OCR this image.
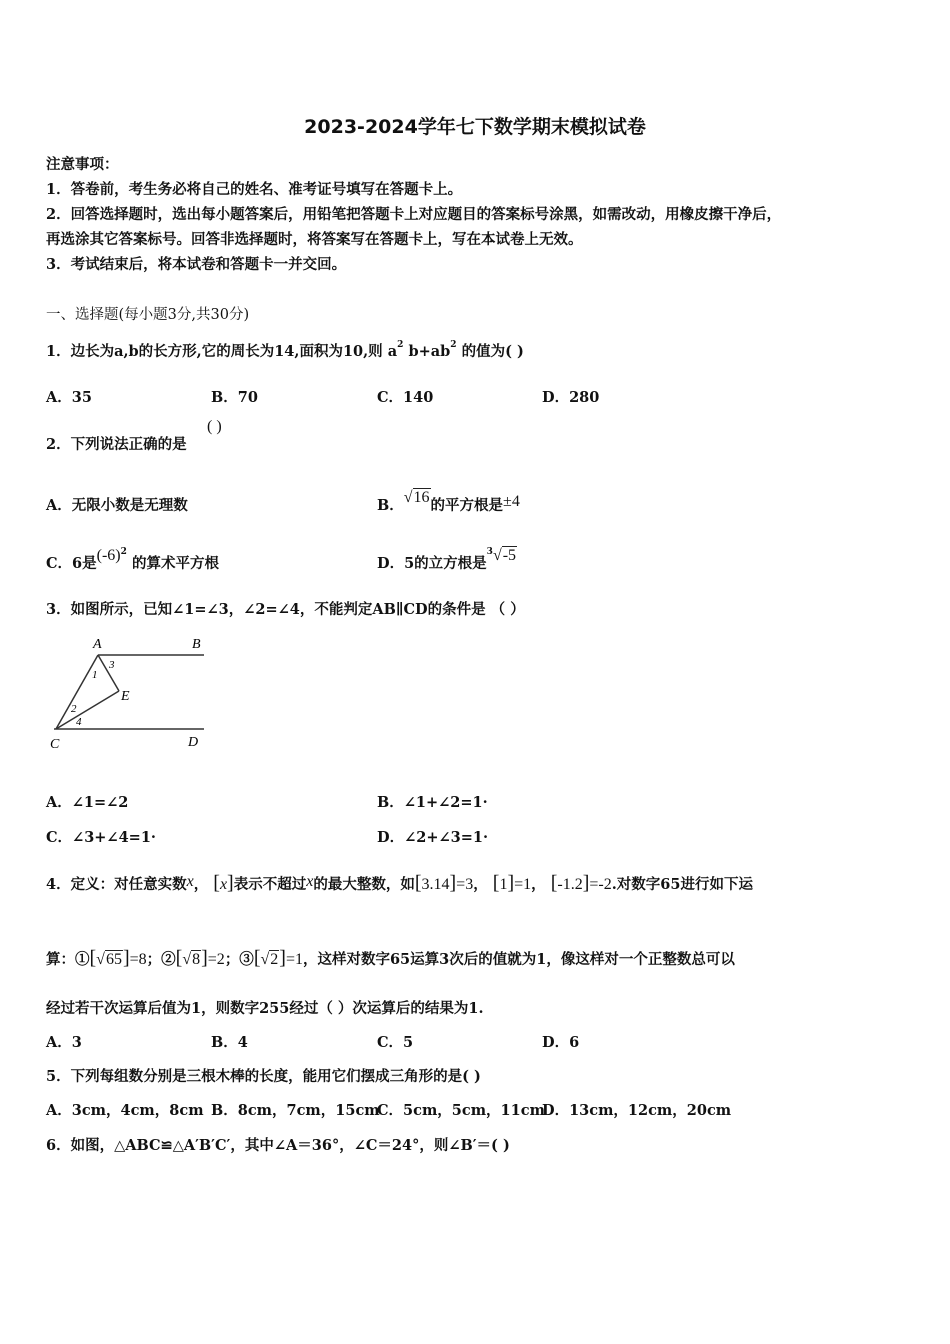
2023-2024学年七下数学期末模拟试卷
注意事项：
1．答卷前，考生务必将自己的姓名、准考证号填写在答题卡上。
2．回答选择题时，选出每小题答案后，用铅笔把答题卡上对应题目的答案标号涂黑，如需改动，用橡皮擦干净后，
再选涂其它答案标号。回答非选择题时，将答案写在答题卡上，写在本试卷上无效。
3．考试结束后，将本试卷和答题卡一并交回。
一、选择题(每小题3分,共30分)
1．边长为a,b的长方形,它的周长为14,面积为10,则 $a^2$ $b+ab^2$ 的值为( )
A．35	B．70	C．140	D．280
2．下列说法正确的是
( )
A．无限小数是无理数	B．√16的平方根是±4
C．6是$(-6)^2$ 的算术平方根	D．5的立方根是$^3$√-5
3．如图所示，已知∠1=∠3，∠2=∠4，不能判定AB∥CD的条件是 （ ）
A	B
C	D
E
1
2
3
4
A．∠1=∠2	B．∠1+∠2=1·
C．∠3+∠4=1·	D．∠2+∠3=1·
4．定义：对任意实数x， [x]表示不超过x的最大整数，如[3.14]=3， [1]=1， [-1.2]=-2.对数字65进行如下运
算：①[√65]=8；②[√8]=2；③[√2]=1，这样对数字65运算3次后的值就为1，像这样对一个正整数总可以
经过若干次运算后值为1，则数字255经过（ ）次运算后的结果为1.
A．3	B．4	C．5	D．6
5．下列每组数分别是三根木棒的长度，能用它们摆成三角形的是( )
A．3cm，4cm，8cm B．8cm，7cm，15cm
C．5cm，5cm，11cm
D．13cm，12cm，20cm
6．如图，△ABC≌△A′B′C′，其中∠A＝36°，∠C＝24°，则∠B′＝( )
